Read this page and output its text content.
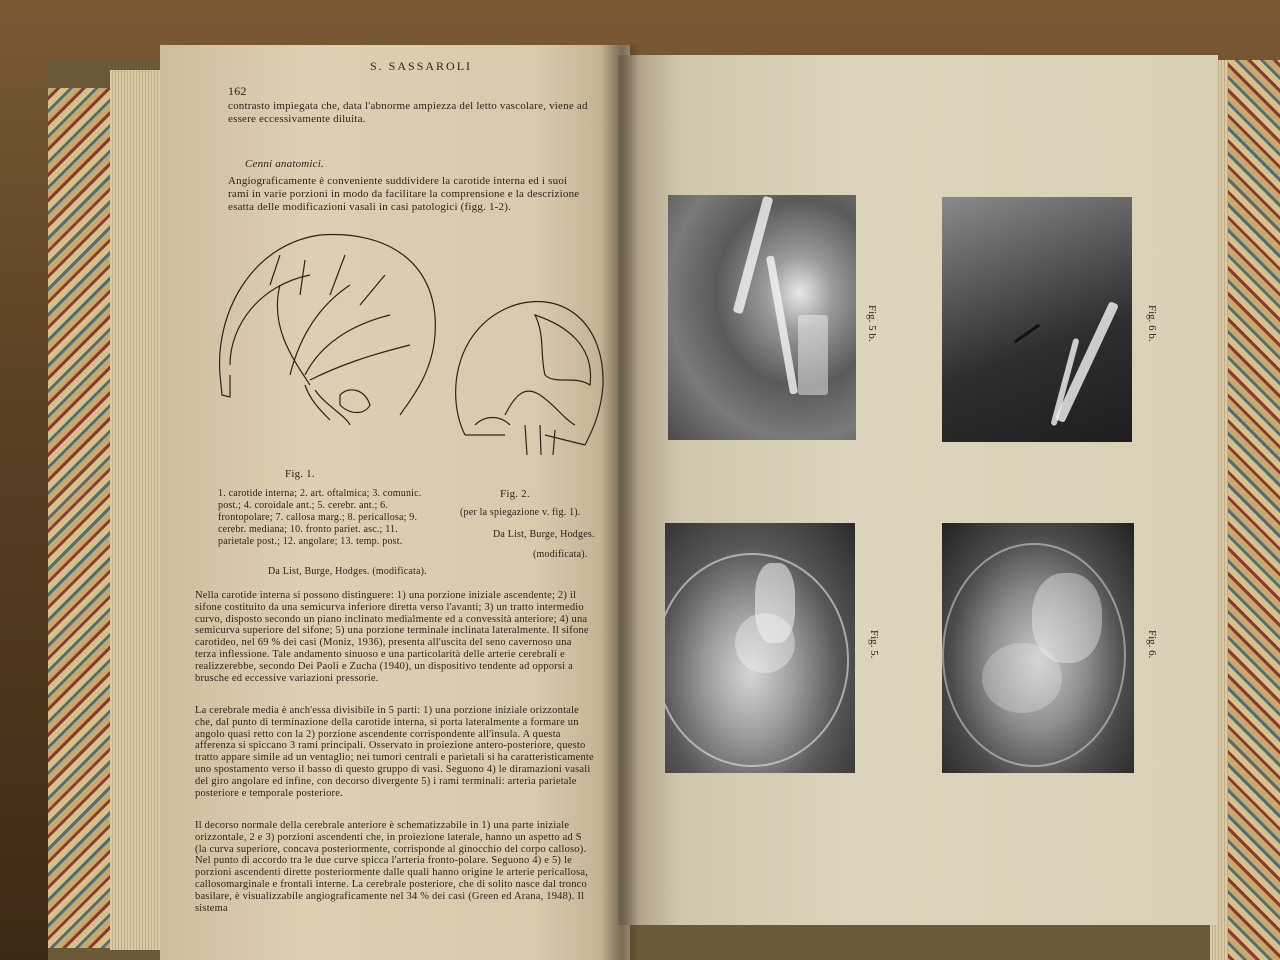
S. SASSAROLI
162
contrasto impiegata che, data l'abnorme ampiezza del letto vascolare, viene ad essere eccessivamente diluita.
Cenni anatomici.
Angiograficamente è conveniente suddividere la carotide interna ed i suoi rami in varie porzioni in modo da facilitare la comprensione e la descrizione esatta delle modificazioni vasali in casi patologici (figg. 1-2).
Fig. 1.
1. carotide interna; 2. art. oftalmica; 3. comunic. post.; 4. coroidale ant.; 5. cerebr. ant.; 6. frontopolare; 7. callosa marg.; 8. pericallosa; 9. cerebr. mediana; 10. fronto pariet. asc.; 11. parietale post.; 12. angolare; 13. temp. post.
Da List, Burge, Hodges. (modificata).
Fig. 2.
(per la spiegazione v. fig. 1).
Da List, Burge, Hodges.
(modificata).
Nella carotide interna si possono distinguere: 1) una porzione iniziale ascendente; 2) il sifone costituito da una semicurva inferiore diretta verso l'avanti; 3) un tratto intermedio curvo, disposto secondo un piano inclinato medialmente ed a convessità anteriore; 4) una semicurva superiore del sifone; 5) una porzione terminale inclinata lateralmente. Il sifone carotideo, nel 69 % dei casi (Moniz, 1936), presenta all'uscita del seno cavernoso una terza inflessione. Tale andamento sinuoso e una particolarità delle arterie cerebrali e realizzerebbe, secondo Dei Paoli e Zucha (1940), un dispositivo tendente ad opporsi a brusche ed eccessive variazioni pressorie.
La cerebrale media è anch'essa divisibile in 5 parti: 1) una porzione iniziale orizzontale che, dal punto di terminazione della carotide interna, si porta lateralmente a formare un angolo quasi retto con la 2) porzione ascendente corrispondente all'insula. A questa afferenza si spiccano 3 rami principali. Osservato in proiezione antero-posteriore, questo tratto appare simile ad un ventaglio; nei tumori centrali e parietali si ha caratteristicamente uno spostamento verso il basso di questo gruppo di vasi. Seguono 4) le diramazioni vasali del giro angolare ed infine, con decorso divergente 5) i rami terminali: arteria parietale posteriore e temporale posteriore.
Il decorso normale della cerebrale anteriore è schematizzabile in 1) una parte iniziale orizzontale, 2 e 3) porzioni ascendenti che, in proiezione laterale, hanno un aspetto ad S (la curva superiore, concava posteriormente, corrisponde al ginocchio del corpo calloso). Nel punto di accordo tra le due curve spicca l'arteria fronto-polare. Seguono 4) e 5) le porzioni ascendenti dirette posteriormente dalle quali hanno origine le arterie pericallosa, callosomarginale e frontali interne. La cerebrale posteriore, che di solito nasce dal tronco basilare, è visualizzabile angiograficamente nel 34 % dei casi (Green ed Arana, 1948). Il sistema
Fig. 5 b.	Fig. 6 b.
Fig. 5.	Fig. 6.
